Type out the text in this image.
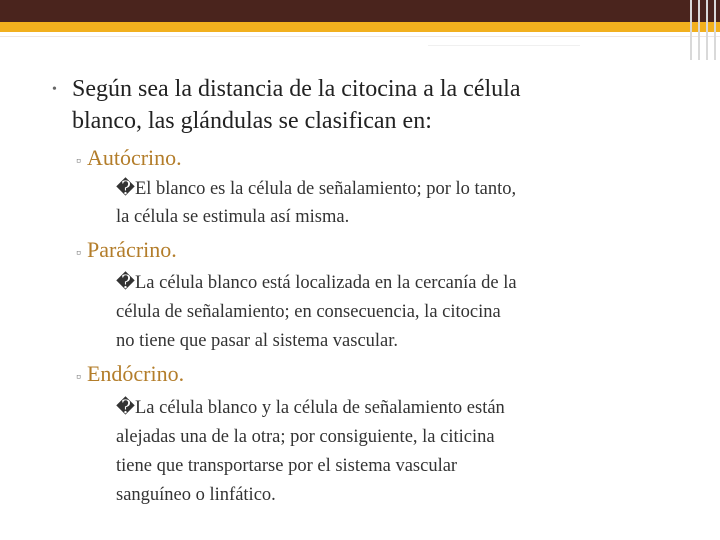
• Según sea la distancia de la citocina a la célula
blanco, las glándulas se clasifican en:
▫ Autócrino.
�El blanco es la célula de señalamiento; por lo tanto,
la célula se estimula así misma.
▫ Parácrino.
�La célula blanco está localizada en la cercanía de la
célula de señalamiento; en consecuencia, la citocina
no tiene que pasar al sistema vascular.
▫ Endócrino.
�La célula blanco y la célula de señalamiento están
alejadas una de la otra; por consiguiente, la citicina
tiene que transportarse por el sistema vascular
sanguíneo o linfático.
